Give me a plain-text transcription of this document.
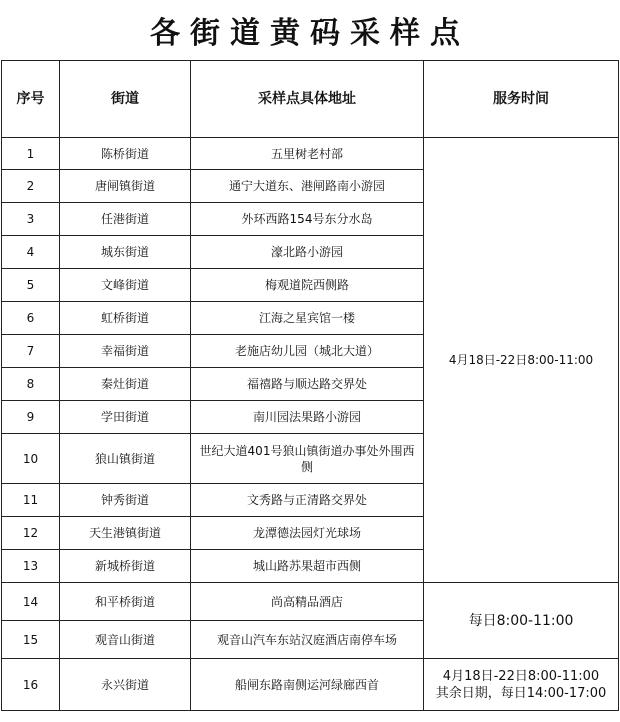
各街道黄码采样点
序号	街道	采样点具体地址	服务时间
1	陈桥街道	五里树老村部	4月18日-22日8:00-11:00
2	唐闸镇街道	通宁大道东、港闸路南小游园	
3	任港街道	外环西路154号东分水岛	
4	城东街道	濠北路小游园	
5	文峰街道	梅观道院西侧路	
6	虹桥街道	江海之星宾馆一楼	
7	幸福街道	老施店幼儿园（城北大道）	
8	秦灶街道	福禧路与顺达路交界处	
9	学田街道	南川园法果路小游园	
10	狼山镇街道	世纪大道401号狼山镇街道办事处外围西侧	
11	钟秀街道	文秀路与正清路交界处	
12	天生港镇街道	龙潭德法园灯光球场	
13	新城桥街道	城山路苏果超市西侧	
14	和平桥街道	尚高精品酒店	每日8:00-11:00
15	观音山街道	观音山汽车东站汉庭酒店南停车场	
16	永兴街道	船闸东路南侧运河绿廊西首	4月18日-22日8:00-11:00
其余日期，每日14:00-17:00
